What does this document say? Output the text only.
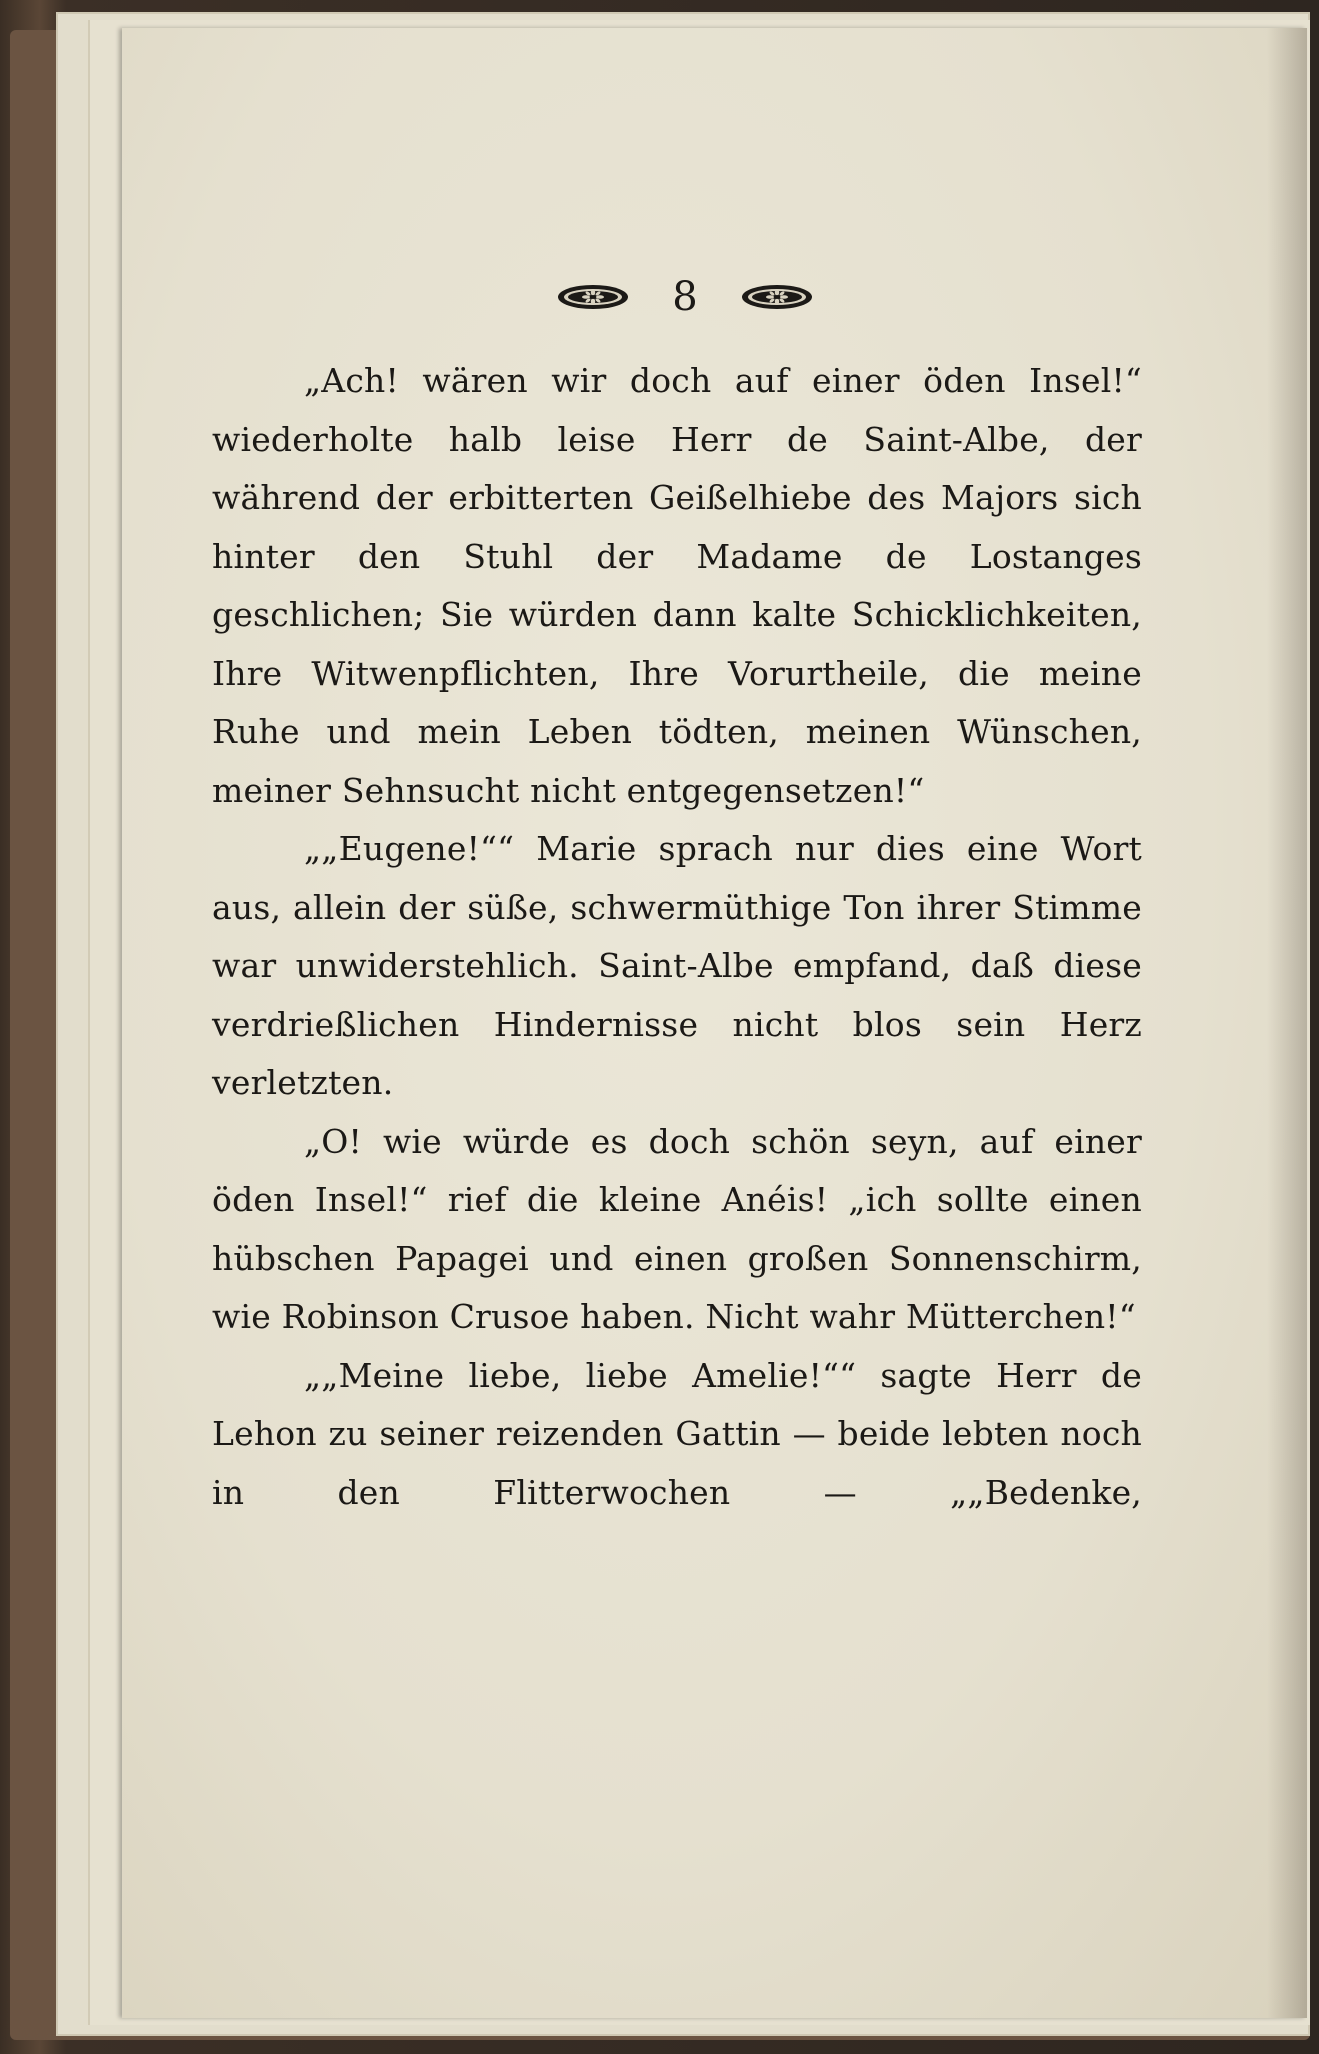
8

„Ach! wären wir doch auf einer öden Insel!“ wiederholte halb leise Herr de Saint-Albe, der während der erbitterten Geißelhiebe des Majors sich hinter den Stuhl der Madame de Lostanges geschlichen; Sie würden dann kalte Schicklichkeiten, Ihre Witwenpflichten, Ihre Vorurtheile, die meine Ruhe und mein Leben tödten, meinen Wünschen, meiner Sehnsucht nicht entgegensetzen!“

„„Eugene!““ Marie sprach nur dies eine Wort aus, allein der süße, schwermüthige Ton ihrer Stimme war unwiderstehlich. Saint-Albe empfand, daß diese verdrießlichen Hindernisse nicht blos sein Herz verletzten.

„O! wie würde es doch schön seyn, auf einer öden Insel!“ rief die kleine Anéis! „ich sollte einen hübschen Papagei und einen großen Sonnenschirm, wie Robinson Crusoe haben. Nicht wahr Mütterchen!“

„„Meine liebe, liebe Amelie!““ sagte Herr de Lehon zu seiner reizenden Gattin — beide lebten noch in den Flitterwochen — „„Bedenke,
